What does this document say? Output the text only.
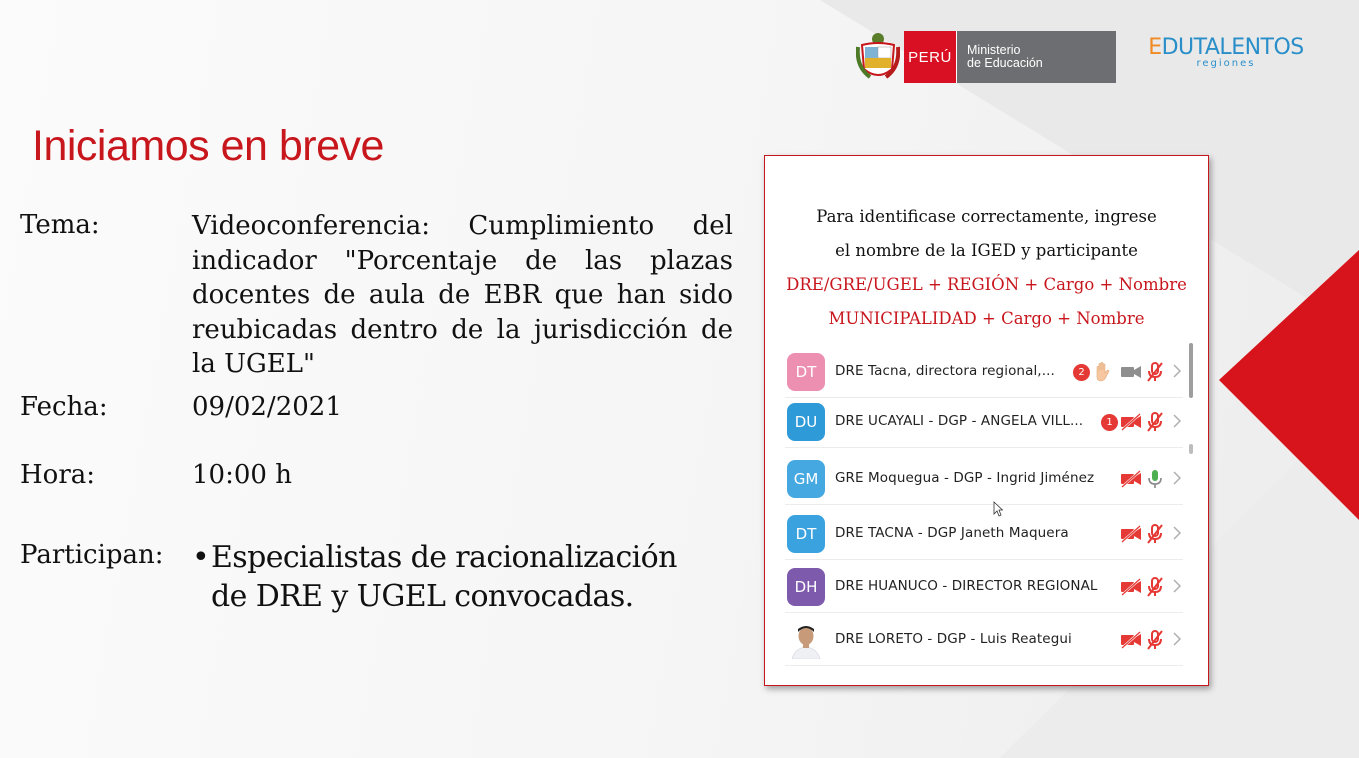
PERÚ	Ministerio
de Educación
EDUTALENTOS
regiones
Iniciamos en breve
Tema:	Videoconferencia: Cumplimiento del indicador "Porcentaje de las plazas docentes de aula de EBR que han sido reubicadas dentro de la jurisdicción de la UGEL"
Fecha:	09/02/2021
Hora:	10:00 h
Participan: • Especialistas de racionalización de DRE y UGEL convocadas.
Para identificase correctamente, ingrese
el nombre de la IGED y participante
DRE/GRE/UGEL + REGIÓN + Cargo + Nombre
MUNICIPALIDAD + Cargo + Nombre
DT	DRE Tacna, directora regional,...	2
DU	DRE UCAYALI - DGP - ANGELA VILL...	1
GM	GRE Moquegua - DGP - Ingrid Jiménez
DT	DRE TACNA - DGP Janeth Maquera
DH	DRE HUANUCO - DIRECTOR REGIONAL
DRE LORETO - DGP - Luis Reategui
